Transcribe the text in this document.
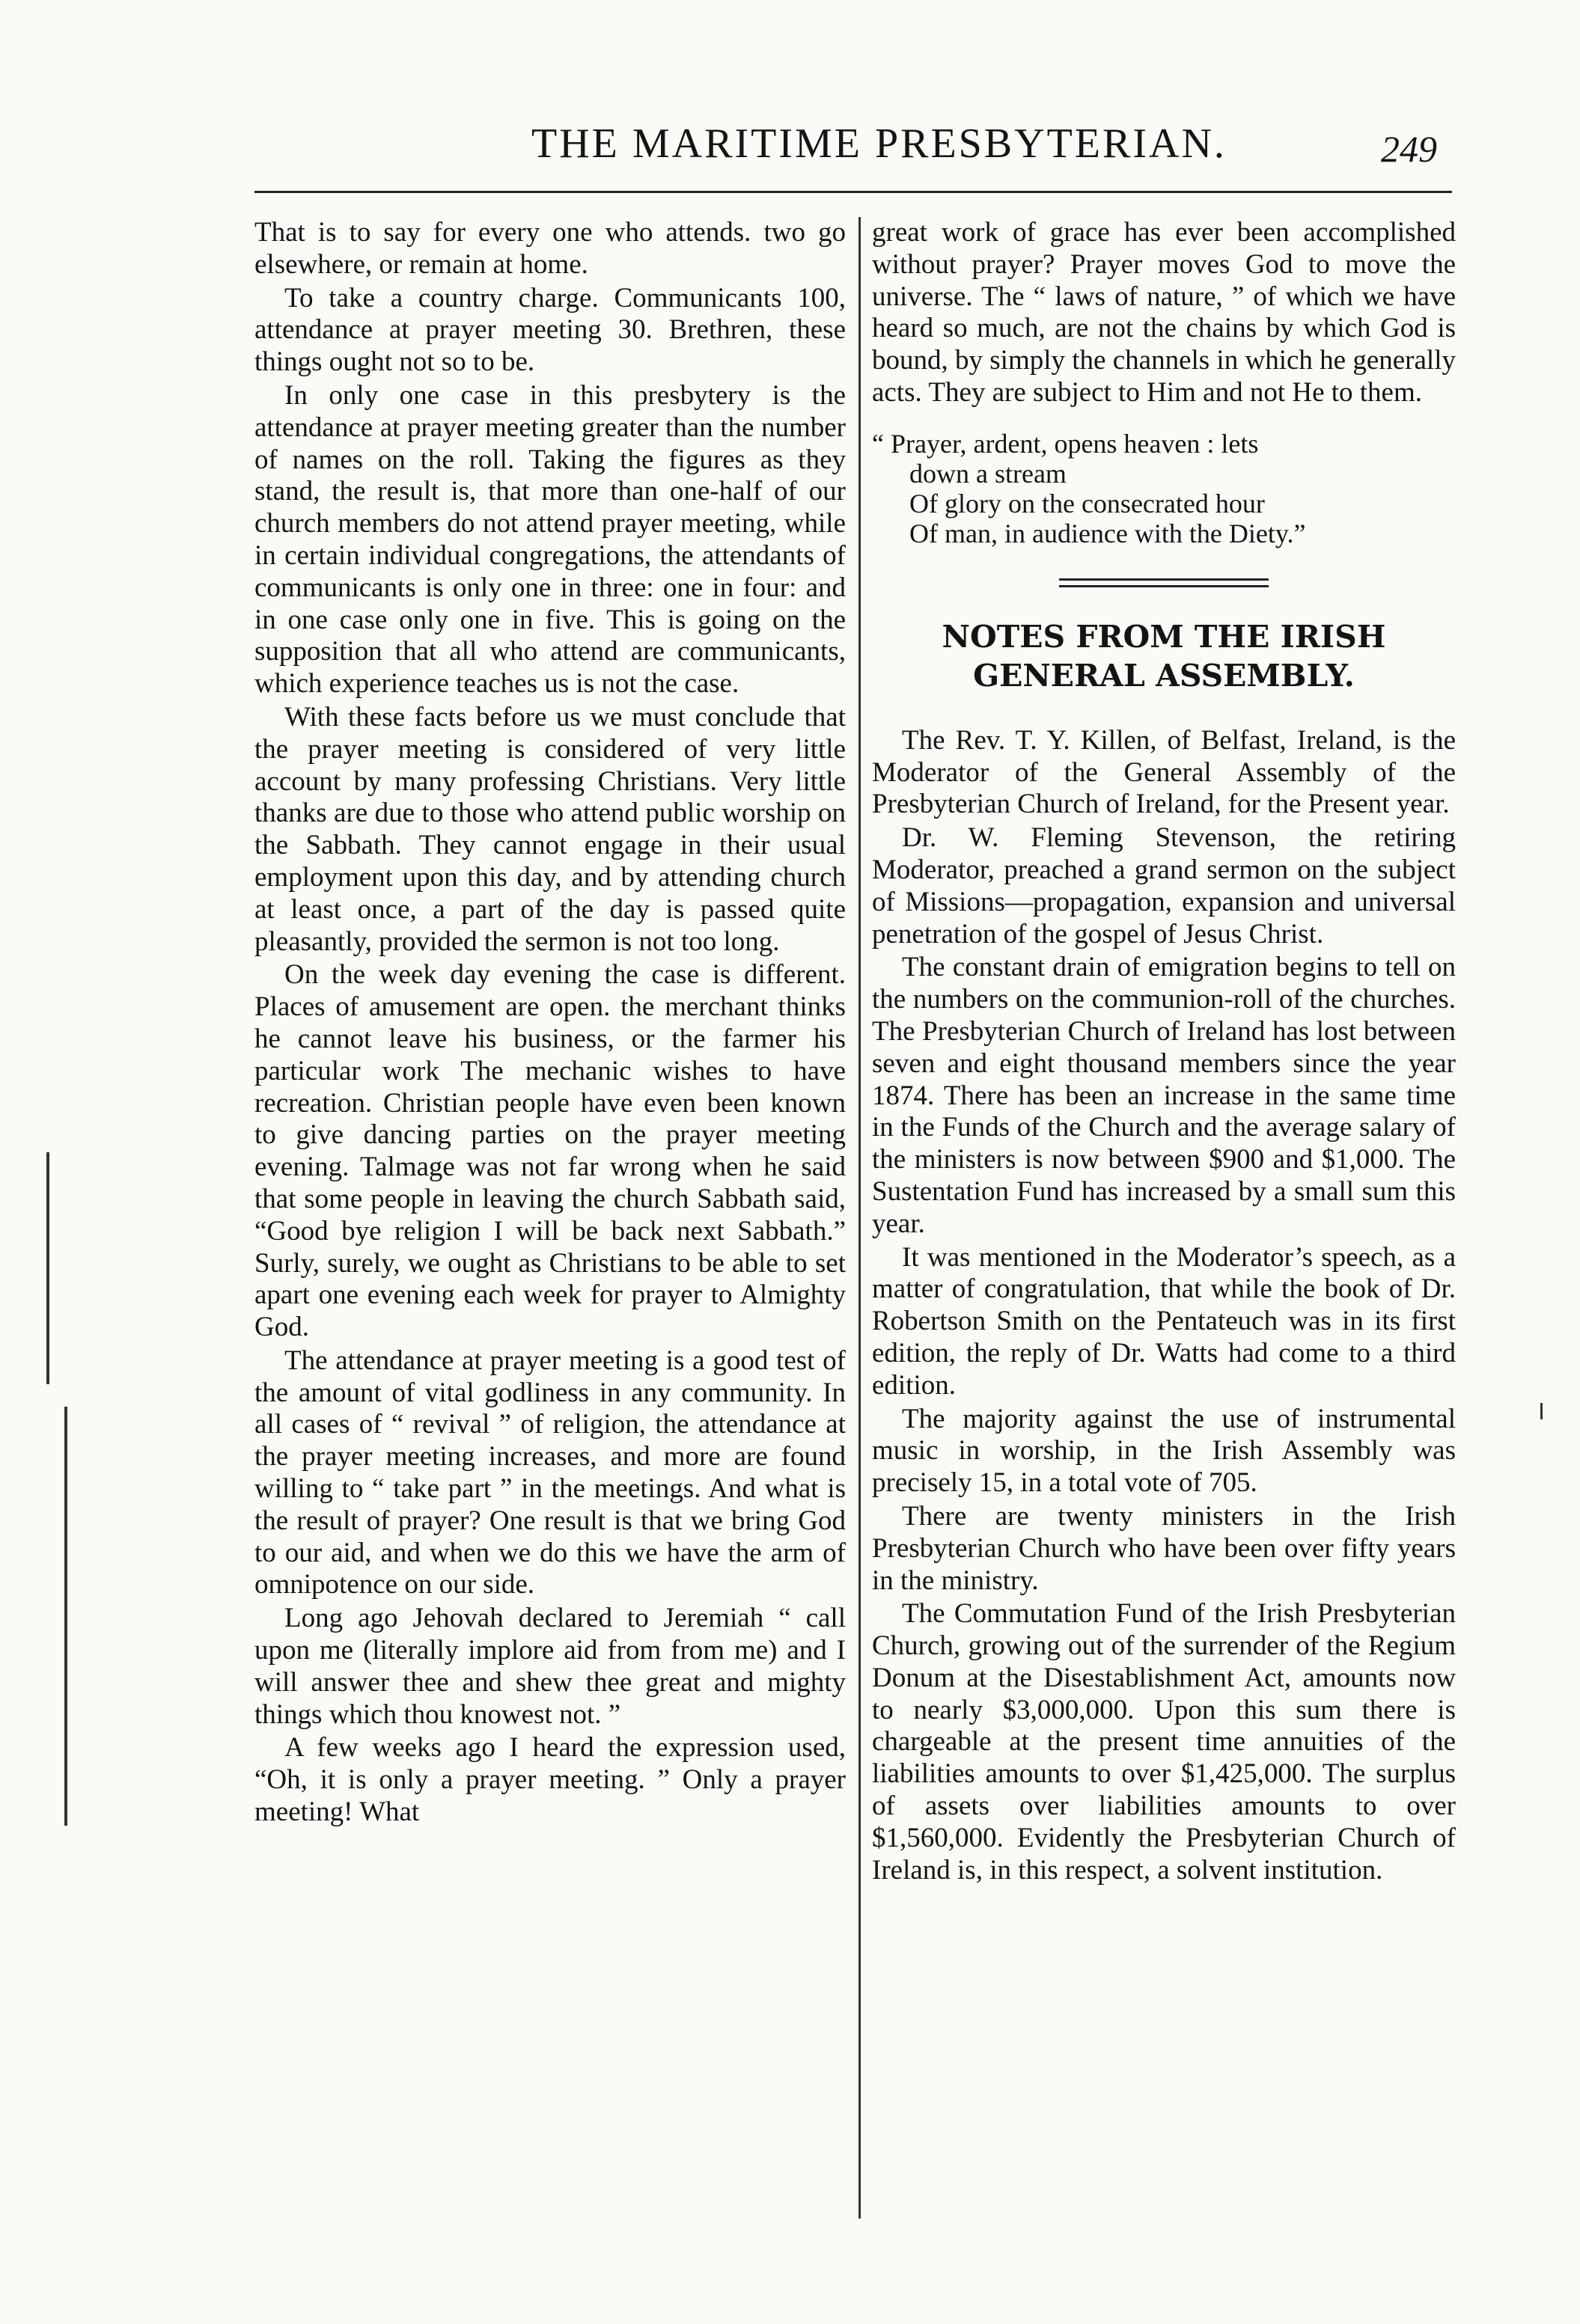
THE MARITIME PRESBYTERIAN.	249

That is to say for every one who attends. two go elsewhere, or remain at home.

To take a country charge. Communicants 100, attendance at prayer meeting 30. Brethren, these things ought not so to be.

In only one case in this presbytery is the attendance at prayer meeting greater than the number of names on the roll. Taking the figures as they stand, the result is, that more than one-half of our church members do not attend prayer meeting, while in certain individual congregations, the attendants of communicants is only one in three: one in four: and in one case only one in five. This is going on the supposition that all who attend are communicants, which experience teaches us is not the case.

With these facts before us we must conclude that the prayer meeting is considered of very little account by many professing Christians. Very little thanks are due to those who attend public worship on the Sabbath. They cannot engage in their usual employment upon this day, and by attending church at least once, a part of the day is passed quite pleasantly, provided the sermon is not too long.

On the week day evening the case is different. Places of amusement are open. the merchant thinks he cannot leave his business, or the farmer his particular work The mechanic wishes to have recreation. Christian people have even been known to give dancing parties on the prayer meeting evening. Talmage was not far wrong when he said that some people in leaving the church Sabbath said, “Good bye religion I will be back next Sabbath.” Surly, surely, we ought as Christians to be able to set apart one evening each week for prayer to Almighty God.

The attendance at prayer meeting is a good test of the amount of vital godliness in any community. In all cases of “ revival ” of religion, the attendance at the prayer meeting increases, and more are found willing to “ take part ” in the meetings. And what is the result of prayer? One result is that we bring God to our aid, and when we do this we have the arm of omnipotence on our side.

Long ago Jehovah declared to Jeremiah “ call upon me (literally implore aid from from me) and I will answer thee and shew thee great and mighty things which thou knowest not. ”

A few weeks ago I heard the expression used, “Oh, it is only a prayer meeting. ” Only a prayer meeting! What

great work of grace has ever been accomplished without prayer? Prayer moves God to move the universe. The “ laws of nature, ” of which we have heard so much, are not the chains by which God is bound, by simply the channels in which he generally acts. They are subject to Him and not He to them.

“ Prayer, ardent, opens heaven : lets
down a stream
Of glory on the consecrated hour
Of man, in audience with the Diety.”
NOTES FROM THE IRISH GENERAL ASSEMBLY.

The Rev. T. Y. Killen, of Belfast, Ireland, is the Moderator of the General Assembly of the Presbyterian Church of Ireland, for the Present year.

Dr. W. Fleming Stevenson, the retiring Moderator, preached a grand sermon on the subject of Missions—propagation, expansion and universal penetration of the gospel of Jesus Christ.

The constant drain of emigration begins to tell on the numbers on the communion-roll of the churches. The Presbyterian Church of Ireland has lost between seven and eight thousand members since the year 1874. There has been an increase in the same time in the Funds of the Church and the average salary of the ministers is now between $900 and $1,000. The Sustentation Fund has increased by a small sum this year.

It was mentioned in the Moderator’s speech, as a matter of congratulation, that while the book of Dr. Robertson Smith on the Pentateuch was in its first edition, the reply of Dr. Watts had come to a third edition.

The majority against the use of instrumental music in worship, in the Irish Assembly was precisely 15, in a total vote of 705.

There are twenty ministers in the Irish Presbyterian Church who have been over fifty years in the ministry.

The Commutation Fund of the Irish Presbyterian Church, growing out of the surrender of the Regium Donum at the Disestablishment Act, amounts now to nearly $3,000,000. Upon this sum there is chargeable at the present time annuities of the liabilities amounts to over $1,425,000. The surplus of assets over liabilities amounts to over $1,560,000. Evidently the Presbyterian Church of Ireland is, in this respect, a solvent institution.
